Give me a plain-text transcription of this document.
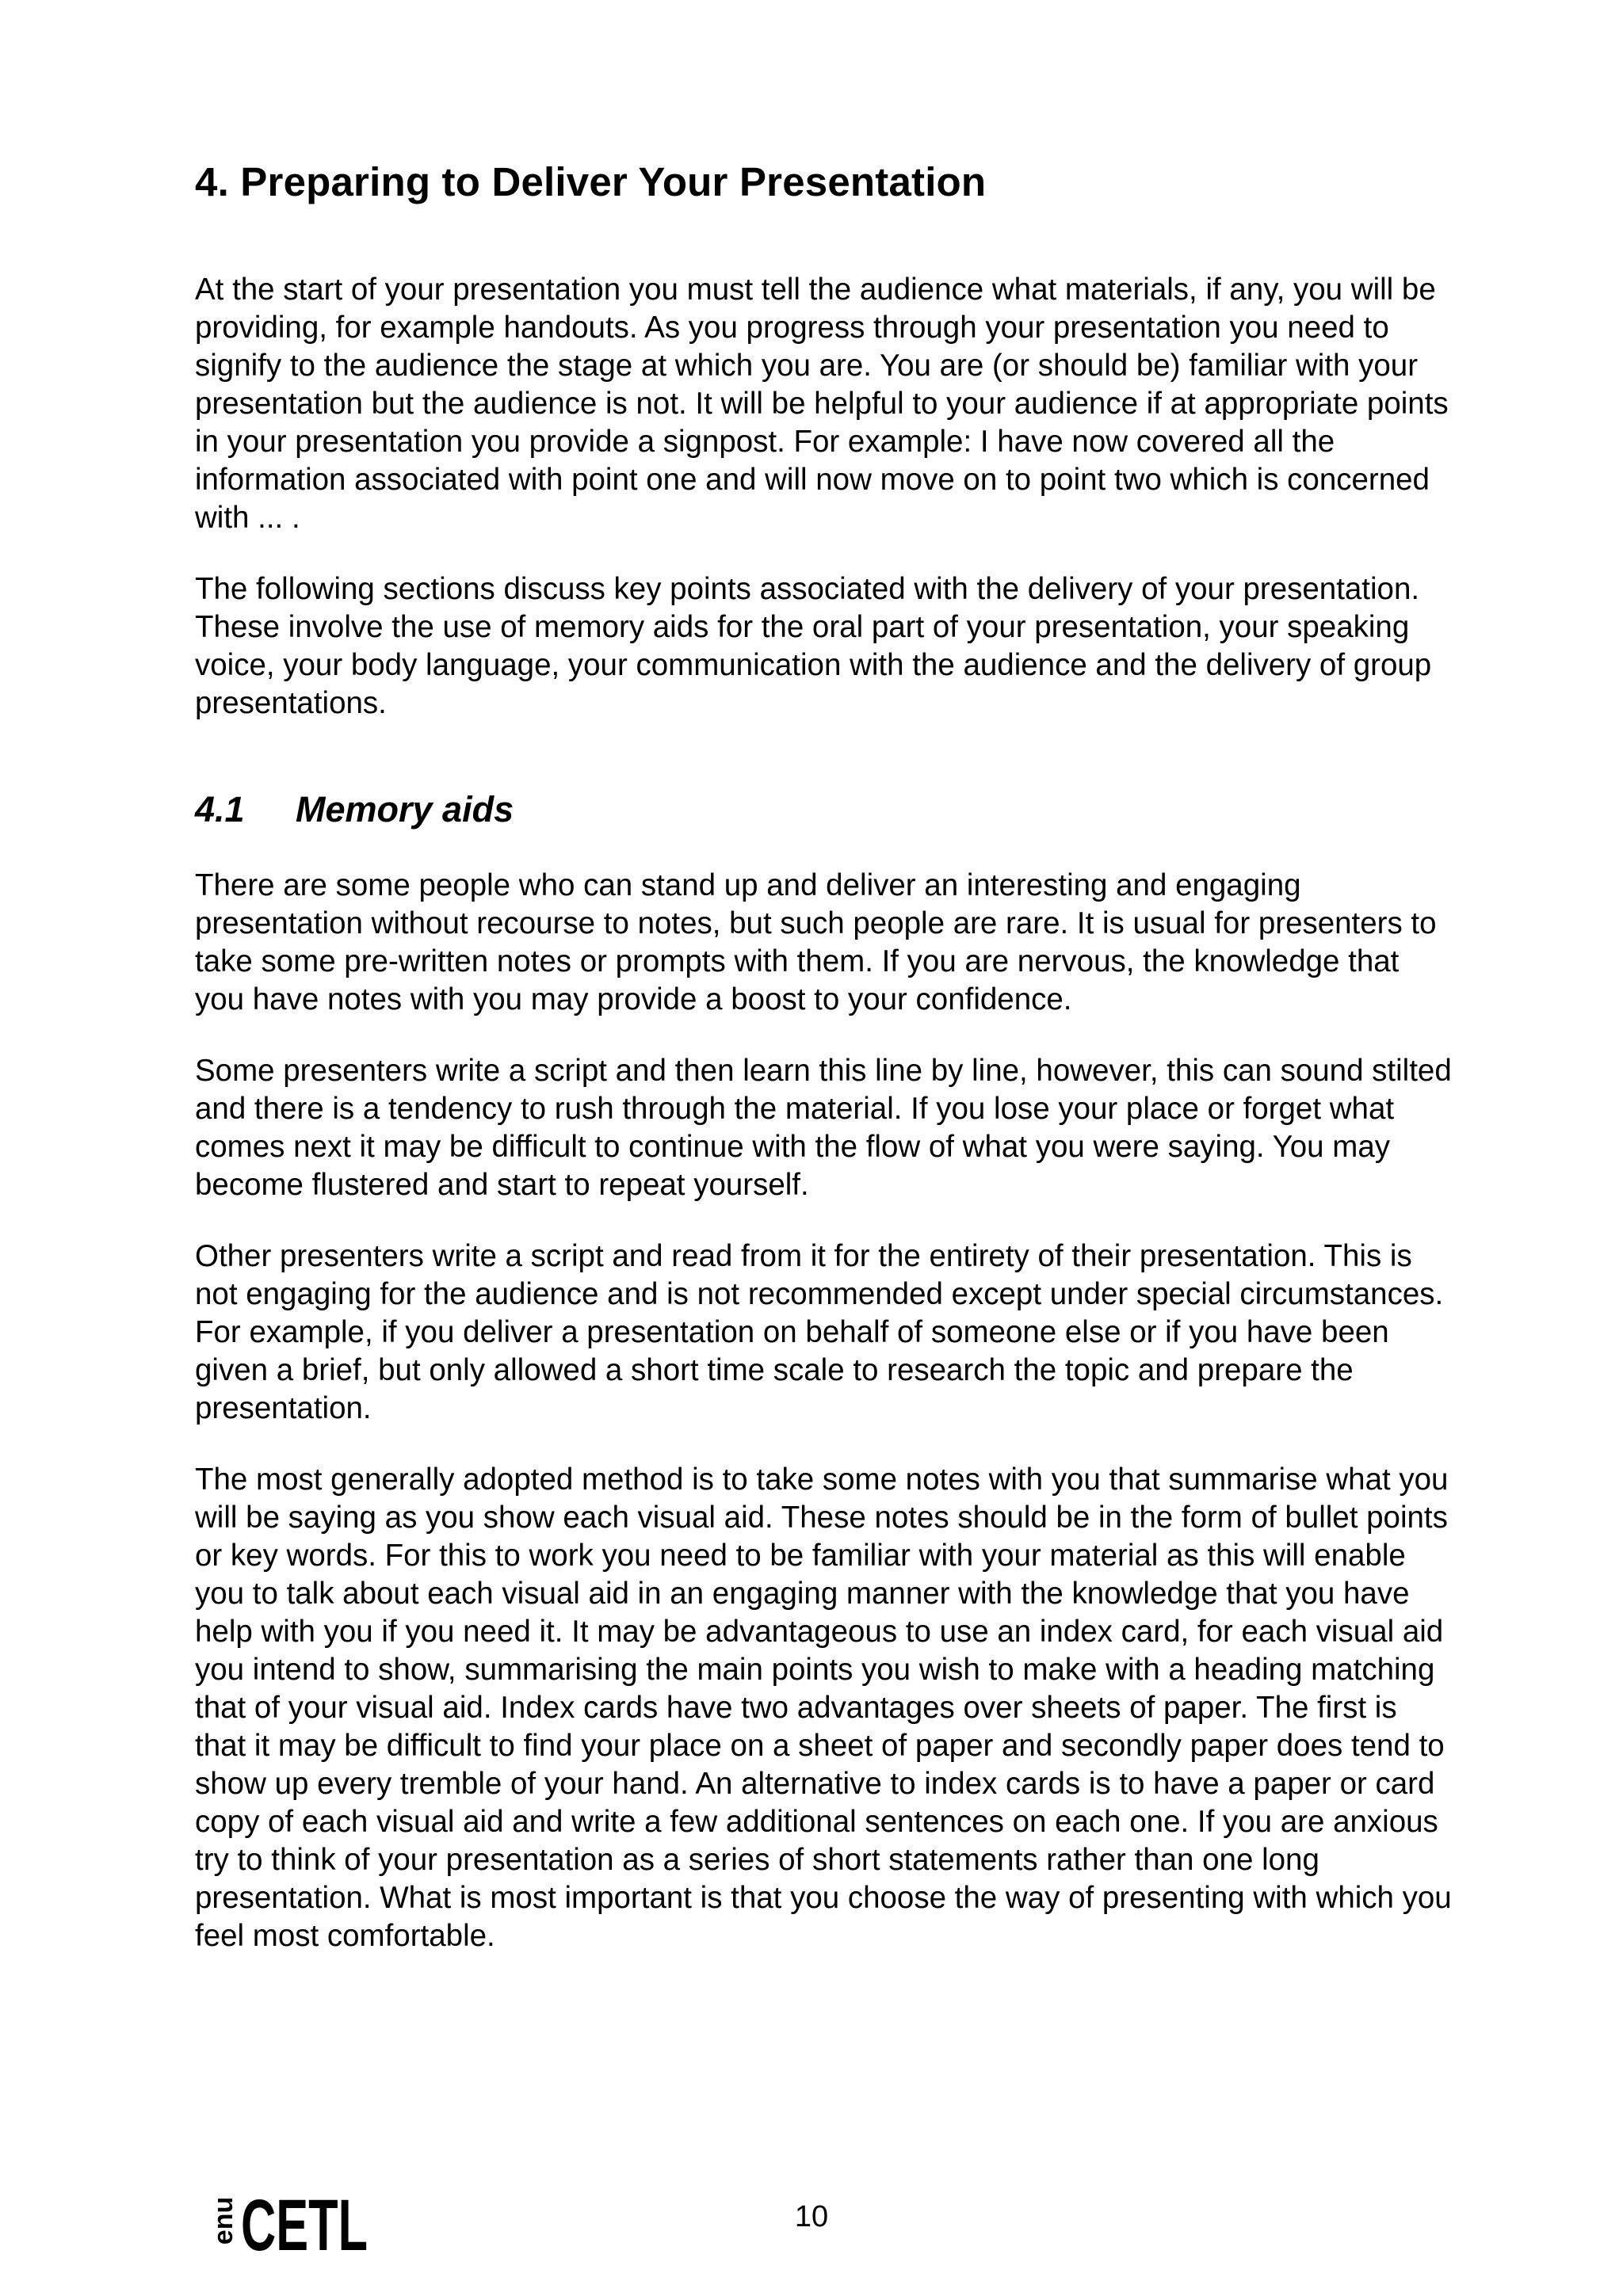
4. Preparing to Deliver Your Presentation

At the start of your presentation you must tell the audience what materials, if any, you will be providing, for example handouts. As you progress through your presentation you need to signify to the audience the stage at which you are. You are (or should be) familiar with your presentation but the audience is not. It will be helpful to your audience if at appropriate points in your presentation you provide a signpost. For example: I have now covered all the information associated with point one and will now move on to point two which is concerned with ... .

The following sections discuss key points associated with the delivery of your presentation. These involve the use of memory aids for the oral part of your presentation, your speaking voice, your body language, your communication with the audience and the delivery of group presentations.

4.1	Memory aids

There are some people who can stand up and deliver an interesting and engaging presentation without recourse to notes, but such people are rare. It is usual for presenters to take some pre-written notes or prompts with them. If you are nervous, the knowledge that you have notes with you may provide a boost to your confidence.

Some presenters write a script and then learn this line by line, however, this can sound stilted and there is a tendency to rush through the material. If you lose your place or forget what comes next it may be difficult to continue with the flow of what you were saying. You may become flustered and start to repeat yourself.

Other presenters write a script and read from it for the entirety of their presentation. This is not engaging for the audience and is not recommended except under special circumstances. For example, if you deliver a presentation on behalf of someone else or if you have been given a brief, but only allowed a short time scale to research the topic and prepare the presentation.

The most generally adopted method is to take some notes with you that summarise what you will be saying as you show each visual aid. These notes should be in the form of bullet points or key words. For this to work you need to be familiar with your material as this will enable you to talk about each visual aid in an engaging manner with the knowledge that you have help with you if you need it. It may be advantageous to use an index card, for each visual aid you intend to show, summarising the main points you wish to make with a heading matching that of your visual aid. Index cards have two advantages over sheets of paper. The first is that it may be difficult to find your place on a sheet of paper and secondly paper does tend to show up every tremble of your hand. An alternative to index cards is to have a paper or card copy of each visual aid and write a few additional sentences on each one. If you are anxious try to think of your presentation as a series of short statements rather than one long presentation. What is most important is that you choose the way of presenting with which you feel most comfortable.

enu CETL	10
